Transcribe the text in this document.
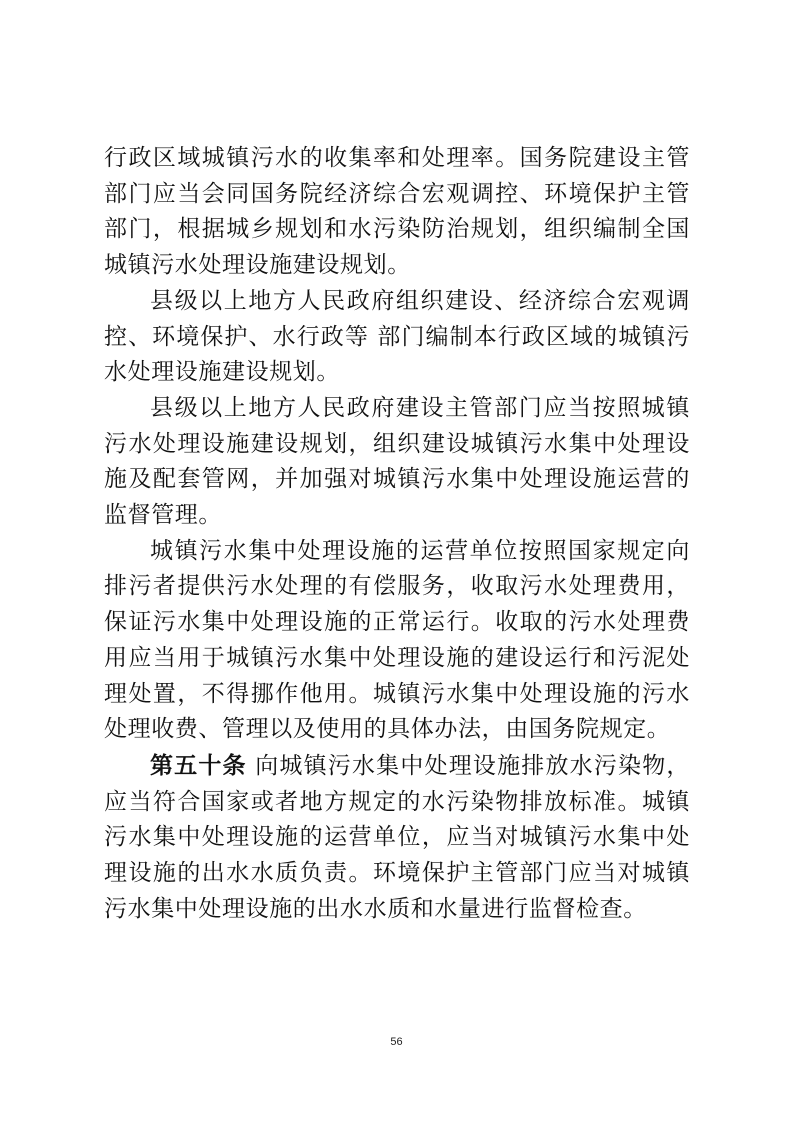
行政区域城镇污水的收集率和处理率。国务院建设主管部门应当会同国务院经济综合宏观调控、环境保护主管部门，根据城乡规划和水污染防治规划，组织编制全国城镇污水处理设施建设规划。

县级以上地方人民政府组织建设、经济综合宏观调控、环境保护、水行政等 部门编制本行政区域的城镇污水处理设施建设规划。

县级以上地方人民政府建设主管部门应当按照城镇污水处理设施建设规划，组织建设城镇污水集中处理设施及配套管网，并加强对城镇污水集中处理设施运营的监督管理。

城镇污水集中处理设施的运营单位按照国家规定向排污者提供污水处理的有偿服务，收取污水处理费用，保证污水集中处理设施的正常运行。收取的污水处理费用应当用于城镇污水集中处理设施的建设运行和污泥处理处置，不得挪作他用。城镇污水集中处理设施的污水处理收费、管理以及使用的具体办法，由国务院规定。

第五十条 向城镇污水集中处理设施排放水污染物，应当符合国家或者地方规定的水污染物排放标准。城镇污水集中处理设施的运营单位，应当对城镇污水集中处理设施的出水水质负责。环境保护主管部门应当对城镇污水集中处理设施的出水水质和水量进行监督检查。

56
